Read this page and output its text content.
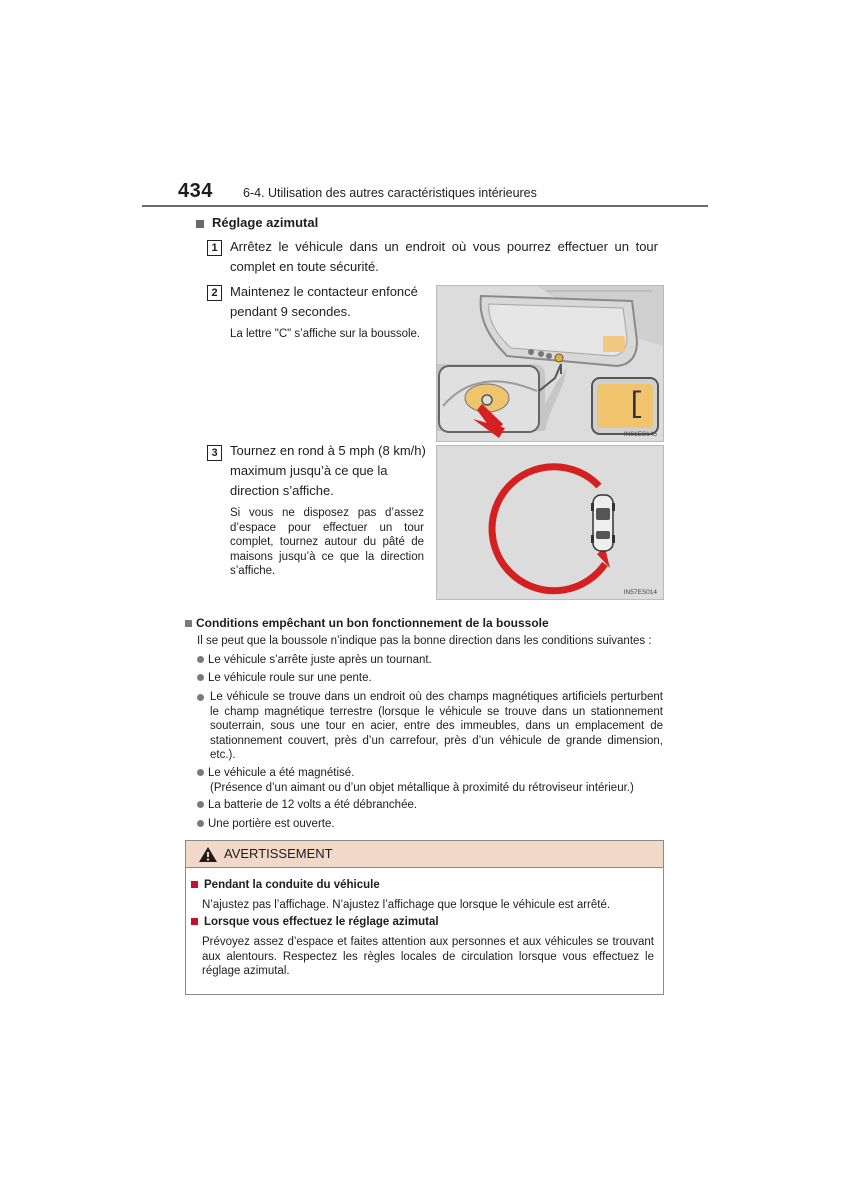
434 6-4. Utilisation des autres caractéristiques intérieures
Réglage azimutal
1 Arrêtez le véhicule dans un endroit où vous pourrez effectuer un tour complet en toute sécurité.
2 Maintenez le contacteur enfoncé pendant 9 secondes.
La lettre "C" s’affiche sur la boussole.
[
IN61ES145
3 Tournez en rond à 5 mph (8 km/h) maximum jusqu’à ce que la direction s’affiche.
Si vous ne disposez pas d’assez d’espace pour effectuer un tour complet, tournez autour du pâté de maisons jusqu’à ce que la direction s’affiche.
IN57ES014
Conditions empêchant un bon fonctionnement de la boussole
Il se peut que la boussole n’indique pas la bonne direction dans les conditions suivantes :
Le véhicule s’arrête juste après un tournant.
Le véhicule roule sur une pente.
Le véhicule se trouve dans un endroit où des champs magnétiques artificiels perturbent le champ magnétique terrestre (lorsque le véhicule se trouve dans un stationnement souterrain, sous une tour en acier, entre des immeubles, dans un emplacement de stationnement couvert, près d’un carrefour, près d’un véhicule de grande dimension, etc.).
Le véhicule a été magnétisé.
(Présence d’un aimant ou d’un objet métallique à proximité du rétroviseur intérieur.)
La batterie de 12 volts a été débranchée.
Une portière est ouverte.
AVERTISSEMENT
Pendant la conduite du véhicule
N’ajustez pas l’affichage. N’ajustez l’affichage que lorsque le véhicule est arrêté.
Lorsque vous effectuez le réglage azimutal
Prévoyez assez d’espace et faites attention aux personnes et aux véhicules se trouvant aux alentours. Respectez les règles locales de circulation lorsque vous effectuez le réglage azimutal.
